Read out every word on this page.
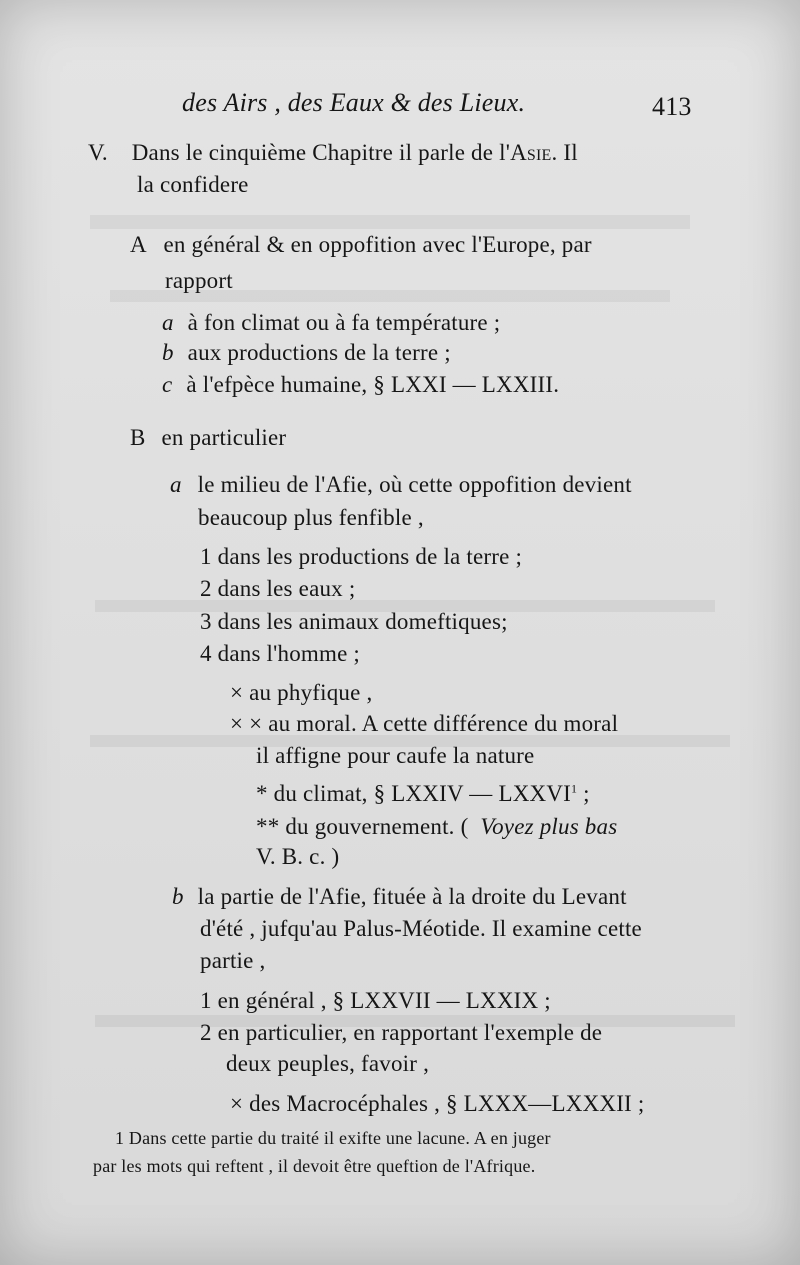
des Airs , des Eaux & des Lieux.	413
V. Dans le cinquième Chapitre il parle de l'Asie. Il
la confidere
A en général & en oppofition avec l'Europe, par
rapport
a à fon climat ou à fa température ;
b aux productions de la terre ;
c à l'efpèce humaine, § LXXI — LXXIII.
B en particulier
a le milieu de l'Afie, où cette oppofition devient
beaucoup plus fenfible ,
1 dans les productions de la terre ;
2 dans les eaux ;
3 dans les animaux domeftiques;
4 dans l'homme ;
× au phyfique ,
× × au moral. A cette différence du moral
il affigne pour caufe la nature
* du climat, § LXXIV — LXXVI$^1$ ;
** du gouvernement. ( Voyez plus bas
V. B. c. )
b la partie de l'Afie, fituée à la droite du Levant
d'été , jufqu'au Palus-Méotide. Il examine cette
partie ,
1 en général , § LXXVII — LXXIX ;
2 en particulier, en rapportant l'exemple de
deux peuples, favoir ,
× des Macrocéphales , § LXXX—LXXXII ;
1 Dans cette partie du traité il exifte une lacune. A en juger
par les mots qui reftent , il devoit être queftion de l'Afrique.
